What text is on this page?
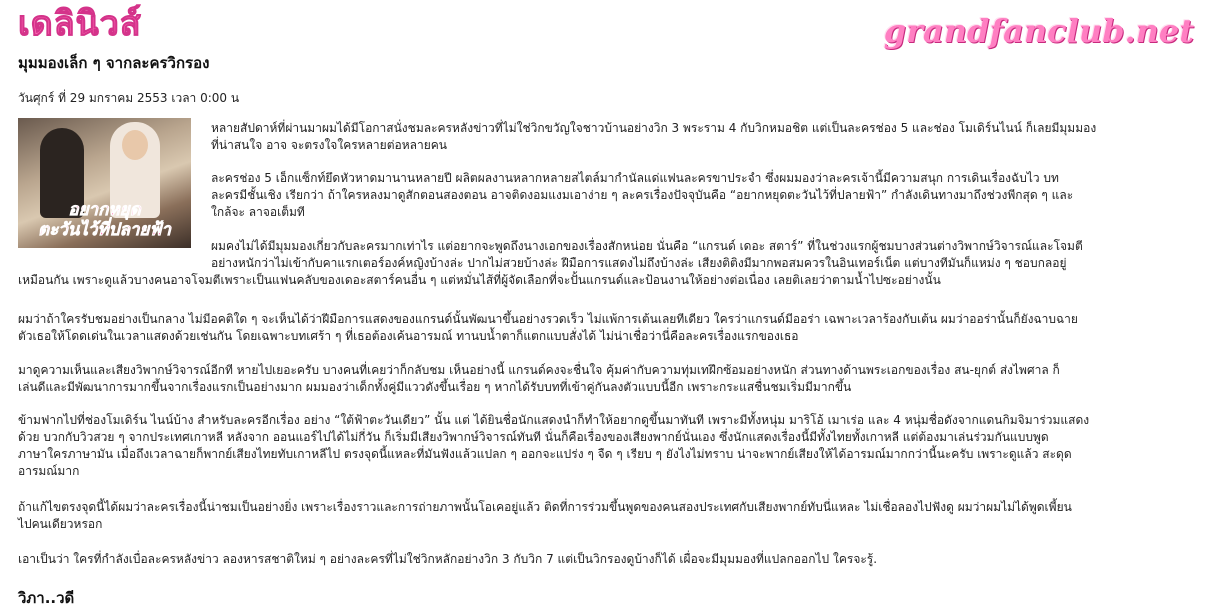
เดลินิวส์	grandfanclub.net
มุมมองเล็ก ๆ จากละครวิกรอง
วันศุกร์ ที่ 29 มกราคม 2553 เวลา 0:00 น
อยากหยุด
ตะวันไว้ที่ปลายฟ้า
หลายสัปดาห์ที่ผ่านมาผมได้มีโอกาสนั่งชมละครหลังข่าวที่ไม่ใช่วิกขวัญใจชาวบ้านอย่างวิก 3 พระราม 4 กับวิกหมอชิต แต่เป็นละครช่อง 5 และช่อง โมเดิร์นไนน์ ก็เลยมีมุมมอง
ที่น่าสนใจ อาจ จะตรงใจใครหลายต่อหลายคน
ละครช่อง 5 เอ็กแซ็กท์ยึดหัวหาดมานานหลายปี ผลิตผลงานหลากหลายสไตล์มากำนัลแด่แฟนละครขาประจำ ซึ่งผมมองว่าละครเจ้านี้มีความสนุก การเดินเรื่องฉับไว บท
ละครมีชั้นเชิง เรียกว่า ถ้าใครหลงมาดูสักตอนสองตอน อาจติดงอมแงมเอาง่าย ๆ ละครเรื่องปัจจุบันคือ “อยากหยุดตะวันไว้ที่ปลายฟ้า” กำลังเดินทางมาถึงช่วงพีกสุด ๆ และ
ใกล้จะ ลาจอเต็มที
ผมคงไม่ได้มีมุมมองเกี่ยวกับละครมากเท่าไร แต่อยากจะพูดถึงนางเอกของเรื่องสักหน่อย นั่นคือ “แกรนด์ เดอะ สตาร์” ที่ในช่วงแรกผู้ชมบางส่วนต่างวิพากษ์วิจารณ์และโจมตี
อย่างหนักว่าไม่เข้ากับคาแรกเตอร์องค์หญิงบ้างล่ะ ปากไม่สวยบ้างล่ะ ฝีมือการแสดงไม่ถึงบ้างล่ะ เสียงติติงมีมากพอสมควรในอินเทอร์เน็ต แต่บางทีมันก็แหม่ง ๆ ชอบกลอยู่
เหมือนกัน เพราะดูแล้วบางคนอาจโจมตีเพราะเป็นแฟนคลับของเดอะสตาร์คนอื่น ๆ แต่หมั่นไส้ที่ผู้จัดเลือกที่จะปั้นแกรนด์และป้อนงานให้อย่างต่อเนื่อง เลยติเลยว่าตามน้ำไปซะอย่างนั้น
ผมว่าถ้าใครรับชมอย่างเป็นกลาง ไม่มีอคติใด ๆ จะเห็นได้ว่าฝีมือการแสดงของแกรนด์นั้นพัฒนาขึ้นอย่างรวดเร็ว ไม่แพ้การเต้นเลยทีเดียว ใครว่าแกรนด์มีออร่า เฉพาะเวลาร้องกับเต้น ผมว่าออร่านั้นก็ยังฉาบฉาย
ตัวเธอให้โดดเด่นในเวลาแสดงด้วยเช่นกัน โดยเฉพาะบทเศร้า ๆ ที่เธอต้องเค้นอารมณ์ ทานบน้ำตาก็แตกแบบสั่งได้ ไม่น่าเชื่อว่านี่คือละครเรื่องแรกของเธอ
มาดูความเห็นและเสียงวิพากษ์วิจารณ์อีกที หายไปเยอะครับ บางคนที่เคยว่าก็กลับชม เห็นอย่างนี้ แกรนด์คงจะชื่นใจ คุ้มค่ากับความทุ่มเทฝึกซ้อมอย่างหนัก ส่วนทางด้านพระเอกของเรื่อง สน-ยุกต์ ส่งไพศาล ก็
เล่นดีและมีพัฒนาการมากขึ้นจากเรื่องแรกเป็นอย่างมาก ผมมองว่าเด็กทั้งคู่มีแววดังขึ้นเรื่อย ๆ หากได้รับบทที่เข้าคู่กันลงตัวแบบนี้อีก เพราะกระแสชื่นชมเริ่มมีมากขึ้น
ข้ามฟากไปที่ช่องโมเดิร์น ไนน์บ้าง สำหรับละครอีกเรื่อง อย่าง “ใต้ฟ้าตะวันเดียว” นั้น แต่ ได้ยินชื่อนักแสดงนำก็ทำให้อยากดูขึ้นมาทันที เพราะมีทั้งหนุ่ม มาริโอ้ เมาเร่อ และ 4 หนุ่มชื่อดังจากแดนกิมจิมาร่วมแสดง
ด้วย บวกกับวิวสวย ๆ จากประเทศเกาหลี หลังจาก ออนแอร์ไปได้ไม่กี่วัน ก็เริ่มมีเสียงวิพากษ์วิจารณ์ทันที นั่นก็คือเรื่องของเสียงพากย์นั่นเอง ซึ่งนักแสดงเรื่องนี้มีทั้งไทยทั้งเกาหลี แต่ต้องมาเล่นร่วมกันแบบพูด
ภาษาใครภาษามัน เมื่อถึงเวลาฉายก็พากย์เสียงไทยทับเกาหลีไป ตรงจุดนี้แหละที่มันฟังแล้วแปลก ๆ ออกจะแปร่ง ๆ จืด ๆ เรียบ ๆ ยังไงไม่ทราบ น่าจะพากย์เสียงให้ได้อารมณ์มากกว่านี้นะครับ เพราะดูแล้ว สะดุด
อารมณ์มาก
ถ้าแก้ไขตรงจุดนี้ได้ผมว่าละครเรื่องนี้น่าชมเป็นอย่างยิ่ง เพราะเรื่องราวและการถ่ายภาพนั้นโอเคอยู่แล้ว ติดที่การร่วมขึ้นพูดของคนสองประเทศกับเสียงพากย์ทับนี่แหละ ไม่เชื่อลองไปฟังดู ผมว่าผมไม่ได้พูดเพี้ยน
ไปคนเดียวหรอก
เอาเป็นว่า ใครที่กำลังเบื่อละครหลังข่าว ลองหารสชาติใหม่ ๆ อย่างละครที่ไม่ใช่วิกหลักอย่างวิก 3 กับวิก 7 แต่เป็นวิกรองดูบ้างก็ได้ เผื่อจะมีมุมมองที่แปลกออกไป ใครจะรู้.
วิภา..วดี
